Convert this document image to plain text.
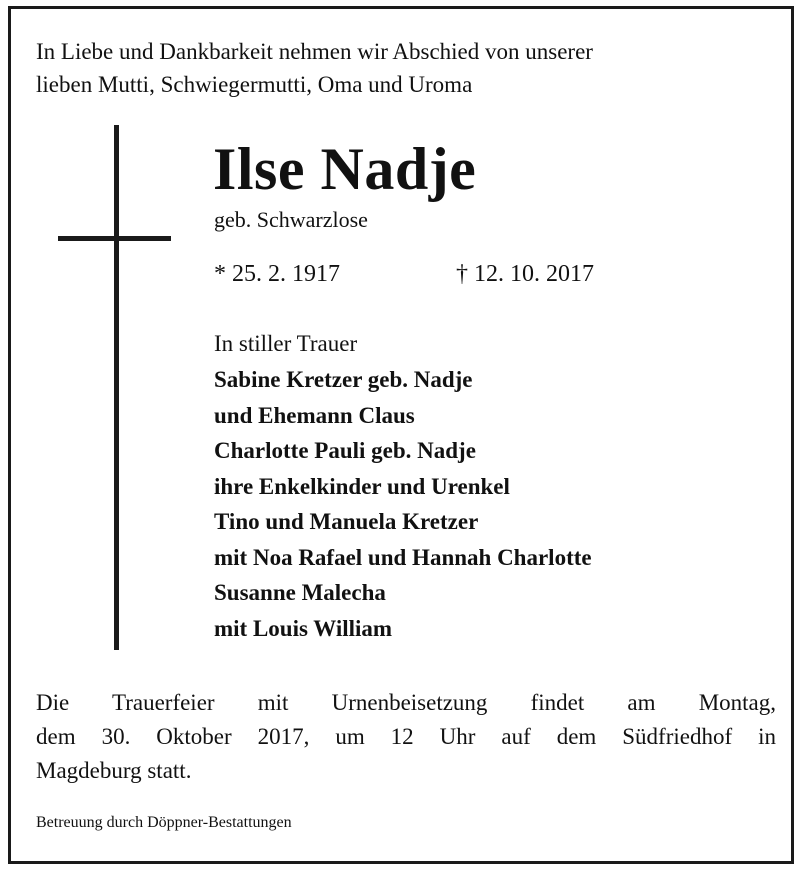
In Liebe und Dankbarkeit nehmen wir Abschied von unserer
lieben Mutti, Schwiegermutti, Oma und Uroma

Ilse Nadje

geb. Schwarzlose

* 25. 2. 1917	† 12. 10. 2017

In stiller Trauer

Sabine Kretzer geb. Nadje
und Ehemann Claus
Charlotte Pauli geb. Nadje
ihre Enkelkinder und Urenkel
Tino und Manuela Kretzer
mit Noa Rafael und Hannah Charlotte
Susanne Malecha
mit Louis William

Die Trauerfeier mit Urnenbeisetzung findet am Montag,
dem 30. Oktober 2017, um 12 Uhr auf dem Südfriedhof in
Magdeburg statt.

Betreuung durch Döppner-Bestattungen
